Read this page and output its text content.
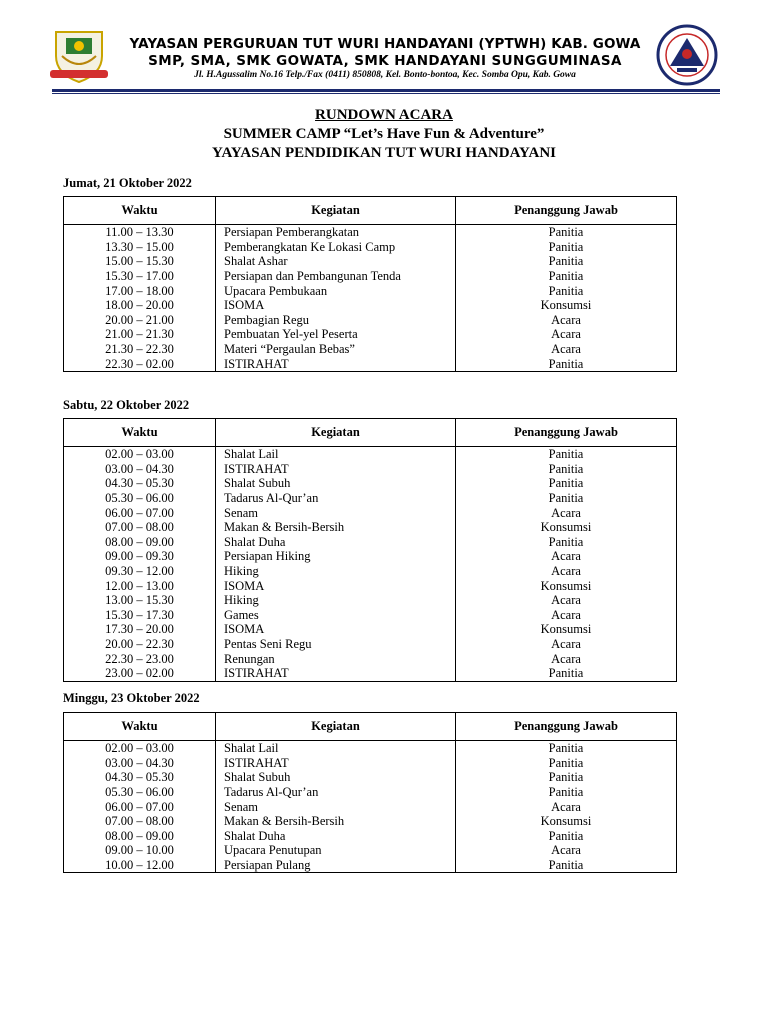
YAYASAN PERGURUAN TUT WURI HANDAYANI (YPTWH) KAB. GOWA
SMP, SMA, SMK GOWATA, SMK HANDAYANI SUNGGUMINASA
Jl. H.Agussalim No.16 Telp./Fax (0411) 850808, Kel. Bonto-bontoa, Kec. Somba Opu, Kab. Gowa
RUNDOWN ACARA
SUMMER CAMP “Let’s Have Fun & Adventure”
YAYASAN PENDIDIKAN TUT WURI HANDAYANI
Jumat, 21 Oktober 2022
Waktu	Kegiatan	Penanggung Jawab
11.00 – 13.30	Persiapan Pemberangkatan	Panitia
13.30 – 15.00	Pemberangkatan Ke Lokasi Camp	Panitia
15.00 – 15.30	Shalat Ashar	Panitia
15.30 – 17.00	Persiapan dan Pembangunan Tenda	Panitia
17.00 – 18.00	Upacara Pembukaan	Panitia
18.00 – 20.00	ISOMA	Konsumsi
20.00 – 21.00	Pembagian Regu	Acara
21.00 – 21.30	Pembuatan Yel-yel Peserta	Acara
21.30 – 22.30	Materi “Pergaulan Bebas”	Acara
22.30 – 02.00	ISTIRAHAT	Panitia
Sabtu, 22 Oktober 2022
Waktu	Kegiatan	Penanggung Jawab
02.00 – 03.00	Shalat Lail	Panitia
03.00 – 04.30	ISTIRAHAT	Panitia
04.30 – 05.30	Shalat Subuh	Panitia
05.30 – 06.00	Tadarus Al-Qur’an	Panitia
06.00 – 07.00	Senam	Acara
07.00 – 08.00	Makan & Bersih-Bersih	Konsumsi
08.00 – 09.00	Shalat Duha	Panitia
09.00 – 09.30	Persiapan Hiking	Acara
09.30 – 12.00	Hiking	Acara
12.00 – 13.00	ISOMA	Konsumsi
13.00 – 15.30	Hiking	Acara
15.30 – 17.30	Games	Acara
17.30 – 20.00	ISOMA	Konsumsi
20.00 – 22.30	Pentas Seni Regu	Acara
22.30 – 23.00	Renungan	Acara
23.00 – 02.00	ISTIRAHAT	Panitia
Minggu, 23 Oktober 2022
Waktu	Kegiatan	Penanggung Jawab
02.00 – 03.00	Shalat Lail	Panitia
03.00 – 04.30	ISTIRAHAT	Panitia
04.30 – 05.30	Shalat Subuh	Panitia
05.30 – 06.00	Tadarus Al-Qur’an	Panitia
06.00 – 07.00	Senam	Acara
07.00 – 08.00	Makan & Bersih-Bersih	Konsumsi
08.00 – 09.00	Shalat Duha	Panitia
09.00 – 10.00	Upacara Penutupan	Acara
10.00 – 12.00	Persiapan Pulang	Panitia
